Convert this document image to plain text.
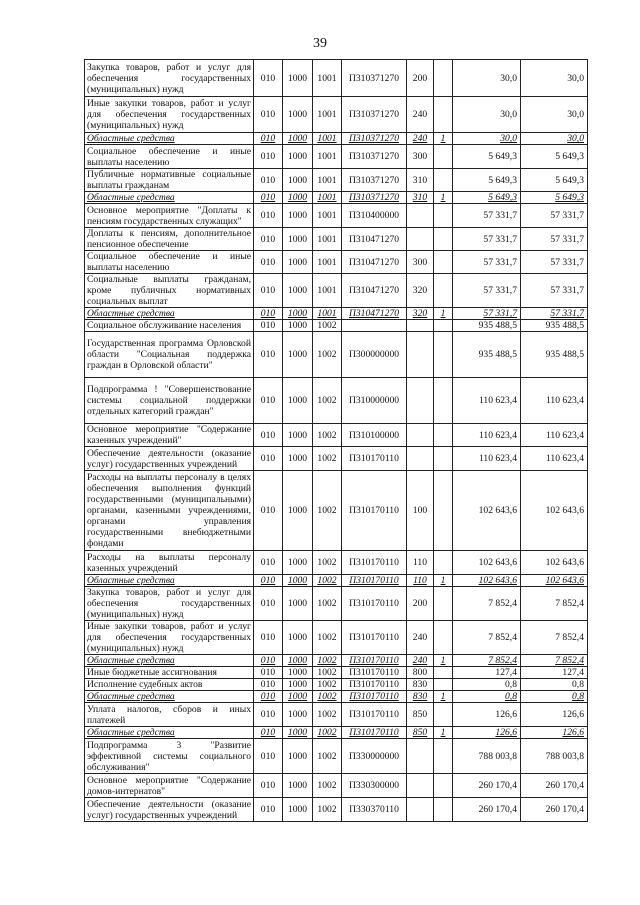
39
Закупка товаров, работ и услуг для обеспечения государственных (муниципальных) нужд	010	1000	1001	П310371270	200		30,0	30,0
Иные закупки товаров, работ и услуг для обеспечения государственных (муниципальных) нужд	010	1000	1001	П310371270	240		30,0	30,0
Областные средства	010	1000	1001	П310371270	240	1	30,0	30,0
Социальное обеспечение и иные выплаты населению	010	1000	1001	П310371270	300		5 649,3	5 649,3
Публичные нормативные социальные выплаты гражданам	010	1000	1001	П310371270	310		5 649,3	5 649,3
Областные средства	010	1000	1001	П310371270	310	1	5 649,3	5 649,3
Основное мероприятие "Доплаты к пенсиям государственных служащих"	010	1000	1001	П310400000			57 331,7	57 331,7
Доплаты к пенсиям, дополнительное пенсионное обеспечение	010	1000	1001	П310471270			57 331,7	57 331,7
Социальное обеспечение и иные выплаты населению	010	1000	1001	П310471270	300		57 331,7	57 331,7
Социальные выплаты гражданам, кроме публичных нормативных социальных выплат	010	1000	1001	П310471270	320		57 331,7	57 331,7
Областные средства	010	1000	1001	П310471270	320	1	57 331,7	57 331,7
Социальное обслуживание населения	010	1000	1002				935 488,5	935 488,5
Государственная программа Орловской области "Социальная поддержка граждан в Орловской области"	010	1000	1002	П300000000			935 488,5	935 488,5
Подпрограмма ! "Совершенствование системы социальной поддержки отдельных категорий граждан"	010	1000	1002	П310000000			110 623,4	110 623,4
Основное мероприятие "Содержание казенных учреждений"	010	1000	1002	П310100000			110 623,4	110 623,4
Обеспечение деятельности (оказание услуг) государственных учреждений	010	1000	1002	П310170110			110 623,4	110 623,4
Расходы на выплаты персоналу в целях обеспечения выполнения функций государственными (муниципальными) органами, казенными учреждениями, органами управления государственными внебюджетными фондами	010	1000	1002	П310170110	100		102 643,6	102 643,6
Расходы на выплаты персоналу казенных учреждений	010	1000	1002	П310170110	110		102 643,6	102 643,6
Областные средства	010	1000	1002	П310170110	110	1	102 643,6	102 643,6
Закупка товаров, работ и услуг для обеспечения государственных (муниципальных) нужд	010	1000	1002	П310170110	200		7 852,4	7 852,4
Иные закупки товаров, работ и услуг для обеспечения государственных (муниципальных) нужд	010	1000	1002	П310170110	240		7 852,4	7 852,4
Областные средства	010	1000	1002	П310170110	240	1	7 852,4	7 852,4
Иные бюджетные ассигнования	010	1000	1002	П310170110	800		127,4	127,4
Исполнение судебных актов	010	1000	1002	П310170110	830		0,8	0,8
Областные средства	010	1000	1002	П310170110	830	1	0,8	0,8
Уплата налогов, сборов и иных платежей	010	1000	1002	П310170110	850		126,6	126,6
Областные средства	010	1000	1002	П310170110	850	1	126,6	126,6
Подпрограмма 3 "Развитие эффективной системы социального обслуживания"	010	1000	1002	П330000000			788 003,8	788 003,8
Основное мероприятие "Содержание домов-интернатов"	010	1000	1002	П330300000			260 170,4	260 170,4
Обеспечение деятельности (оказание услуг) государственных учреждений	010	1000	1002	П330370110			260 170,4	260 170,4
